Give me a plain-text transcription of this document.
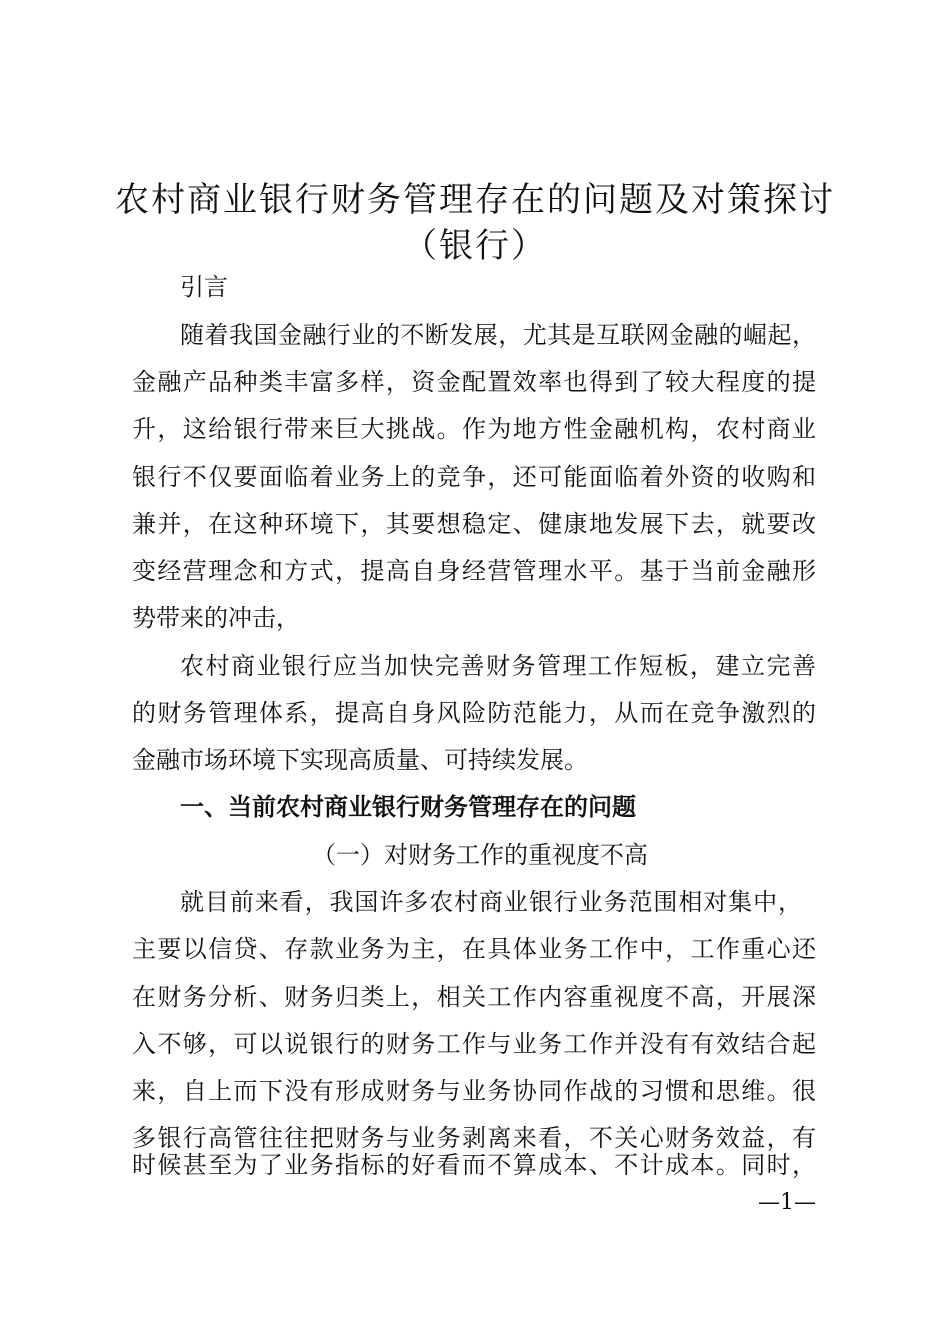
农村商业银行财务管理存在的问题及对策探讨
（银行）
引言
随着我国金融行业的不断发展，尤其是互联网金融的崛起，
金融产品种类丰富多样，资金配置效率也得到了较大程度的提
升，这给银行带来巨大挑战。作为地方性金融机构，农村商业
银行不仅要面临着业务上的竞争，还可能面临着外资的收购和
兼并，在这种环境下，其要想稳定、健康地发展下去，就要改
变经营理念和方式，提高自身经营管理水平。基于当前金融形
势带来的冲击，
农村商业银行应当加快完善财务管理工作短板，建立完善
的财务管理体系，提高自身风险防范能力，从而在竞争激烈的
金融市场环境下实现高质量、可持续发展。
一、当前农村商业银行财务管理存在的问题
（一）对财务工作的重视度不高
就目前来看，我国许多农村商业银行业务范围相对集中，
主要以信贷、存款业务为主，在具体业务工作中，工作重心还
在财务分析、财务归类上，相关工作内容重视度不高，开展深
入不够，可以说银行的财务工作与业务工作并没有有效结合起
来，自上而下没有形成财务与业务协同作战的习惯和思维。很
多银行高管往往把财务与业务剥离来看，不关心财务效益，有
时候甚至为了业务指标的好看而不算成本、不计成本。同时，
—1—
